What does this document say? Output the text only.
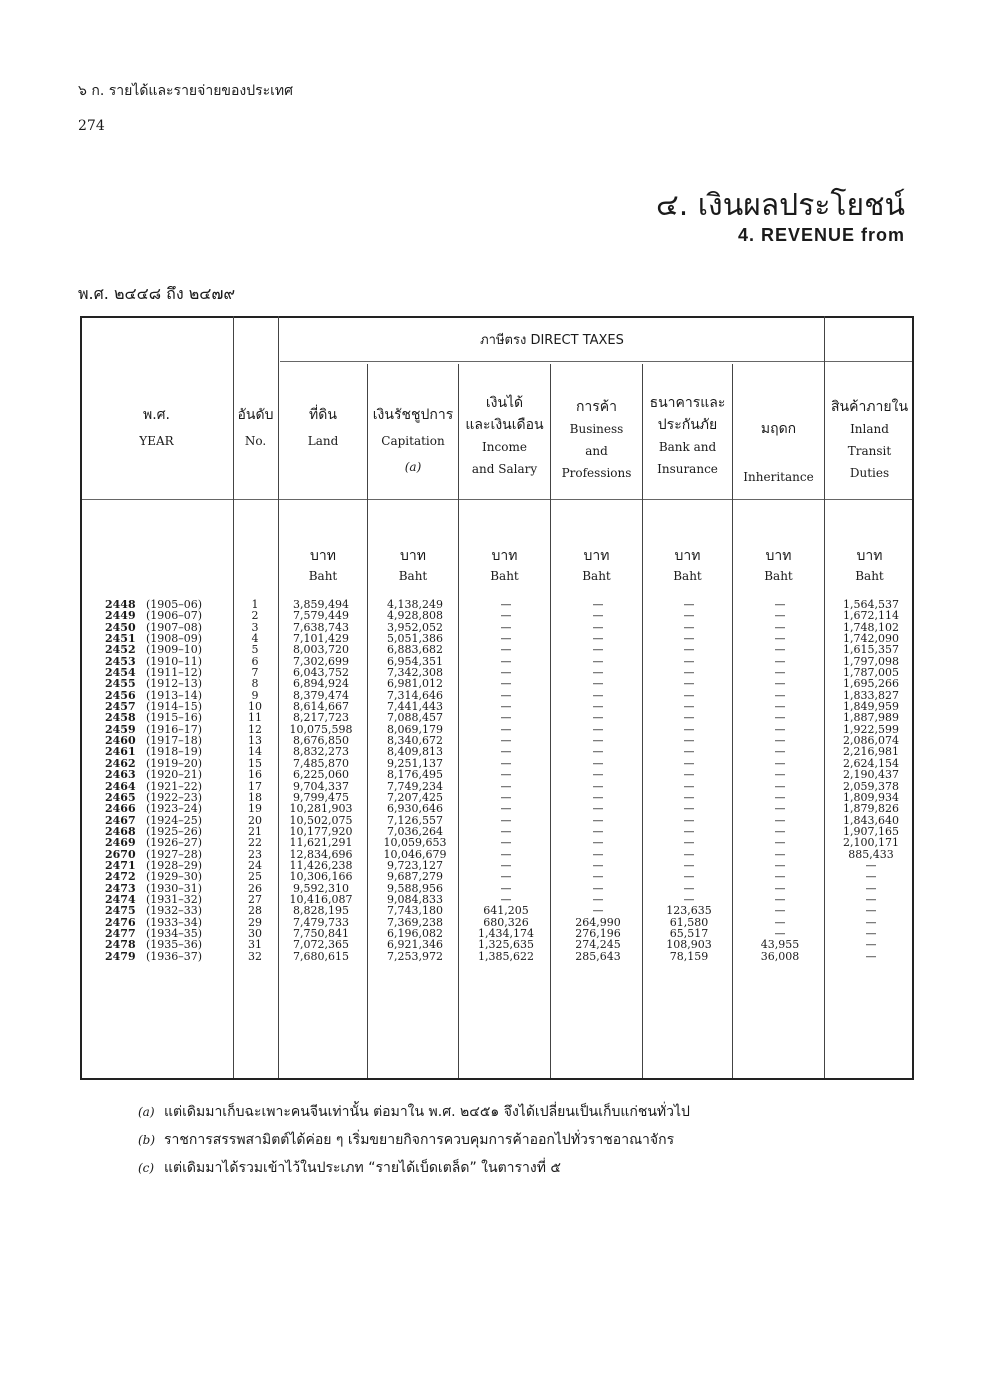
๖ ก. รายได้และรายจ่ายของประเทศ
274
๔. เงินผลประโยชน์
4. REVENUE from
พ.ศ. ๒๔๔๘ ถึง ๒๔๗๙
ภาษีตรง DIRECT TAXES
พ.ศ.
YEAR
อันดับ
No.
ที่ดิน
Land
เงินรัชชูปการ
Capitation
(a)
เงินได้
และเงินเดือน
Income
and Salary
การค้า
Business
and
Professions
ธนาคารและ
ประกันภัย
Bank and
Insurance
มฤดก
Inheritance
สินค้าภายใน
Inland
Transit
Duties
บาท
Baht
บาท
Baht
บาท
Baht
บาท
Baht
บาท
Baht
บาท
Baht
บาท
Baht
2448 (1905–06)	1	3,859,494	4,138,249	—	—	—	—	1,564,537
2449 (1906–07)	2	7,579,449	4,928,808	—	—	—	—	1,672,114
2450 (1907–08)	3	7,638,743	3,952,052	—	—	—	—	1,748,102
2451 (1908–09)	4	7,101,429	5,051,386	—	—	—	—	1,742,090
2452 (1909–10)	5	8,003,720	6,883,682	—	—	—	—	1,615,357
2453 (1910–11)	6	7,302,699	6,954,351	—	—	—	—	1,797,098
2454 (1911–12)	7	6,043,752	7,342,308	—	—	—	—	1,787,005
2455 (1912–13)	8	6,894,924	6,981,012	—	—	—	—	1,695,266
2456 (1913–14)	9	8,379,474	7,314,646	—	—	—	—	1,833,827
2457 (1914–15)	10	8,614,667	7,441,443	—	—	—	—	1,849,959
2458 (1915–16)	11	8,217,723	7,088,457	—	—	—	—	1,887,989
2459 (1916–17)	12	10,075,598	8,069,179	—	—	—	—	1,922,599
2460 (1917–18)	13	8,676,850	8,340,672	—	—	—	—	2,086,074
2461 (1918–19)	14	8,832,273	8,409,813	—	—	—	—	2,216,981
2462 (1919–20)	15	7,485,870	9,251,137	—	—	—	—	2,624,154
2463 (1920–21)	16	6,225,060	8,176,495	—	—	—	—	2,190,437
2464 (1921–22)	17	9,704,337	7,749,234	—	—	—	—	2,059,378
2465 (1922–23)	18	9,799,475	7,207,425	—	—	—	—	1,809,934
2466 (1923–24)	19	10,281,903	6,930,646	—	—	—	—	1,879,826
2467 (1924–25)	20	10,502,075	7,126,557	—	—	—	—	1,843,640
2468 (1925–26)	21	10,177,920	7,036,264	—	—	—	—	1,907,165
2469 (1926–27)	22	11,621,291	10,059,653	—	—	—	—	2,100,171
2670 (1927–28)	23	12,834,696	10,046,679	—	—	—	—	885,433
2471 (1928–29)	24	11,426,238	9,723,127	—	—	—	—	—
2472 (1929–30)	25	10,306,166	9,687,279	—	—	—	—	—
2473 (1930–31)	26	9,592,310	9,588,956	—	—	—	—	—
2474 (1931–32)	27	10,416,087	9,084,833	—	—	—	—	—
2475 (1932–33)	28	8,828,195	7,743,180	641,205	—	123,635	—	—
2476 (1933–34)	29	7,479,733	7,369,238	680,326	264,990	61,580	—	—
2477 (1934–35)	30	7,750,841	6,196,082	1,434,174	276,196	65,517	—	—
2478 (1935–36)	31	7,072,365	6,921,346	1,325,635	274,245	108,903	43,955	—
2479 (1936–37)	32	7,680,615	7,253,972	1,385,622	285,643	78,159	36,008	—
(a) แต่เดิมมาเก็บฉะเพาะคนจีนเท่านั้น ต่อมาใน พ.ศ. ๒๔๕๑ จึงได้เปลี่ยนเป็นเก็บแก่ชนทั่วไป
(b) ราชการสรรพสามิตต์ได้ค่อย ๆ เริ่มขยายกิจการควบคุมการค้าออกไปทั่วราชอาณาจักร
(c) แต่เดิมมาได้รวมเข้าไว้ในประเภท “รายได้เบ็ดเตล็ด” ในตารางที่ ๕
